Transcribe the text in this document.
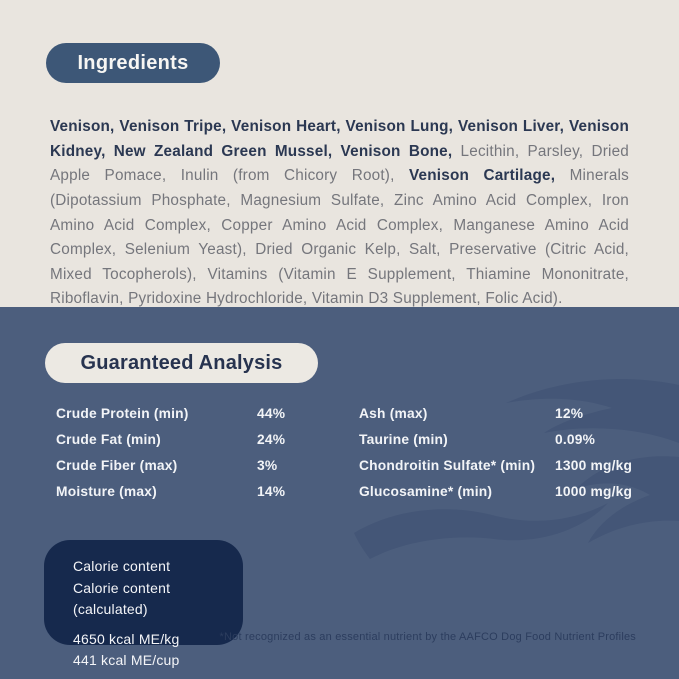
Ingredients

Venison, Venison Tripe, Venison Heart, Venison Lung, Venison Liver, Venison Kidney, New Zealand Green Mussel, Venison Bone, Lecithin, Parsley, Dried Apple Pomace, Inulin (from Chicory Root), Venison Cartilage, Minerals (Dipotassium Phosphate, Magnesium Sulfate, Zinc Amino Acid Complex, Iron Amino Acid Complex, Copper Amino Acid Complex, Manganese Amino Acid Complex, Selenium Yeast), Dried Organic Kelp, Salt, Preservative (Citric Acid, Mixed Tocopherols), Vitamins (Vitamin E Supplement, Thiamine Mononitrate, Riboflavin, Pyridoxine Hydrochloride, Vitamin D3 Supplement, Folic Acid).

Guaranteed Analysis
Crude Protein (min)	44%
Crude Fat (min)	24%
Crude Fiber (max)	3%
Moisture (max)	14%
Ash (max)	12%
Taurine (min)	0.09%
Chondroitin Sulfate* (min)	1300 mg/kg
Glucosamine* (min)	1000 mg/kg
Calorie content
Calorie content (calculated)
4650 kcal ME/kg
441 kcal ME/cup
*Not recognized as an essential nutrient by the AAFCO Dog Food Nutrient Profiles
